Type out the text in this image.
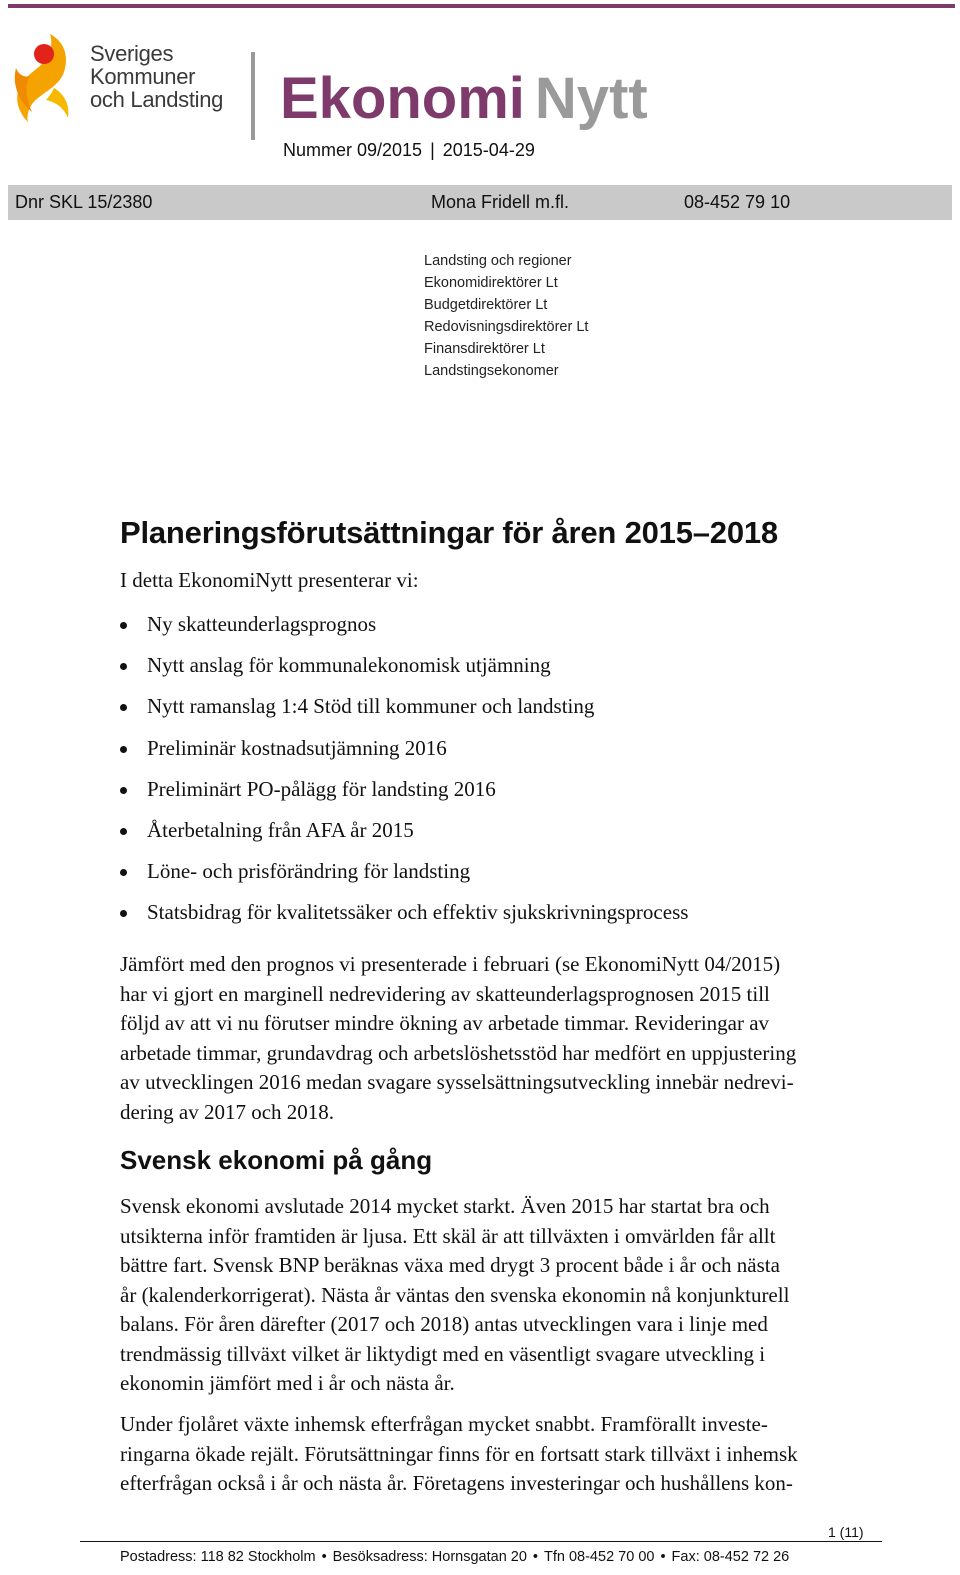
Sveriges
Kommuner
och Landsting Ekonomi Nytt
Nummer 09/2015 | 2015-04-29
Dnr SKL 15/2380	Mona Fridell m.fl.	08-452 79 10
Landsting och regioner
Ekonomidirektörer Lt
Budgetdirektörer Lt
Redovisningsdirektörer Lt
Finansdirektörer Lt
Landstingsekonomer
Planeringsförutsättningar för åren 2015–2018
I detta EkonomiNytt presenterar vi:
Ny skatteunderlagsprognos
Nytt anslag för kommunalekonomisk utjämning
Nytt ramanslag 1:4 Stöd till kommuner och landsting
Preliminär kostnadsutjämning 2016
Preliminärt PO-pålägg för landsting 2016
Återbetalning från AFA år 2015
Löne- och prisförändring för landsting
Statsbidrag för kvalitetssäker och effektiv sjukskrivningsprocess

Jämfört med den prognos vi presenterade i februari (se EkonomiNytt 04/2015)
har vi gjort en marginell nedrevidering av skatteunderlagsprognosen 2015 till
följd av att vi nu förutser mindre ökning av arbetade timmar. Revideringar av
arbetade timmar, grundavdrag och arbetslöshetsstöd har medfört en uppjustering
av utvecklingen 2016 medan svagare sysselsättningsutveckling innebär nedrevi-
dering av 2017 och 2018.

Svensk ekonomi på gång

Svensk ekonomi avslutade 2014 mycket starkt. Även 2015 har startat bra och
utsikterna inför framtiden är ljusa. Ett skäl är att tillväxten i omvärlden får allt
bättre fart. Svensk BNP beräknas växa med drygt 3 procent både i år och nästa
år (kalenderkorrigerat). Nästa år väntas den svenska ekonomin nå konjunkturell
balans. För åren därefter (2017 och 2018) antas utvecklingen vara i linje med
trendmässig tillväxt vilket är liktydigt med en väsentligt svagare utveckling i
ekonomin jämfört med i år och nästa år.

Under fjolåret växte inhemsk efterfrågan mycket snabbt. Framförallt investe-
ringarna ökade rejält. Förutsättningar finns för en fortsatt stark tillväxt i inhemsk
efterfrågan också i år och nästa år. Företagens investeringar och hushållens kon-

1 (11)
Postadress: 118 82 Stockholm • Besöksadress: Hornsgatan 20 • Tfn 08-452 70 00 • Fax: 08-452 72 26
